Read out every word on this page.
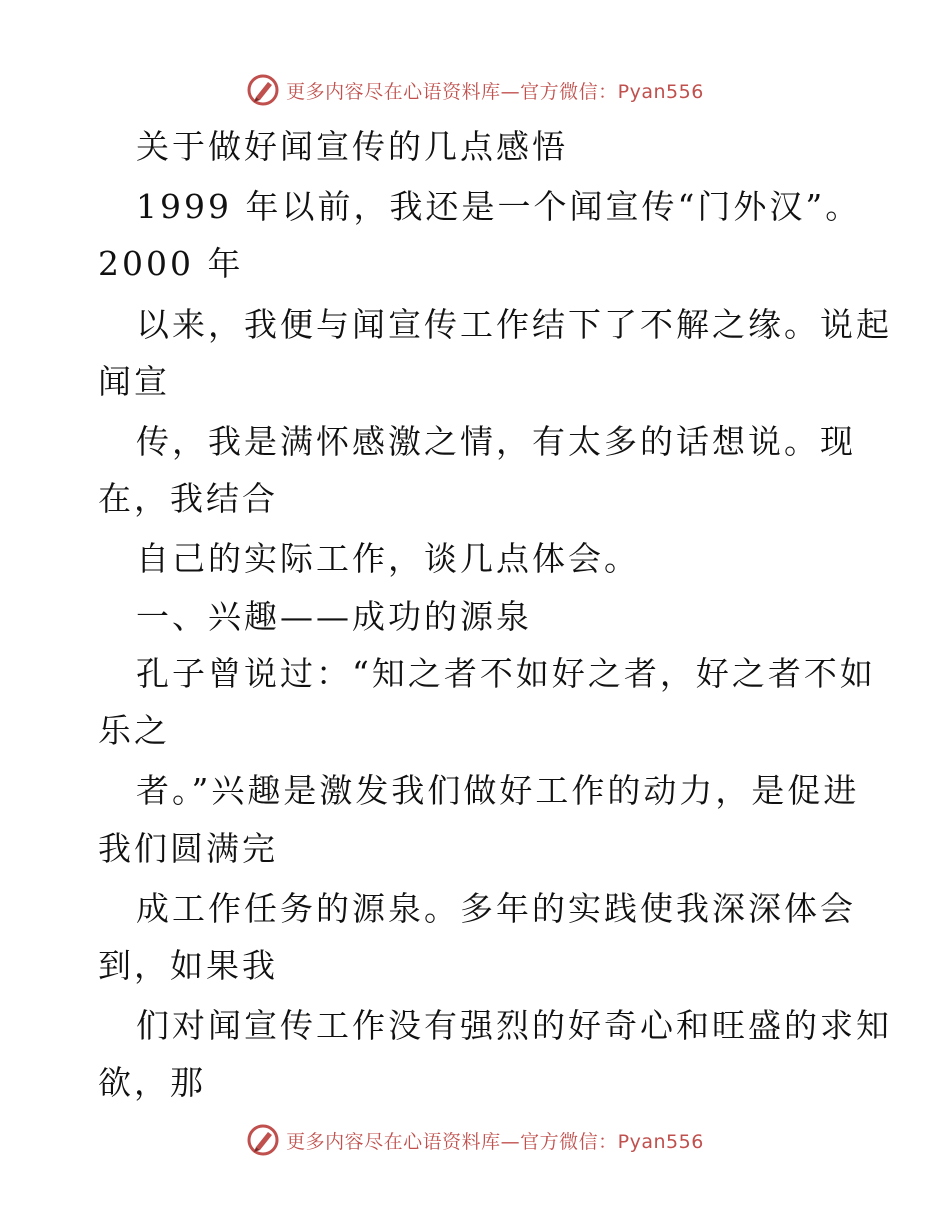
更多内容尽在心语资料库—官方微信：Pyan556
关于做好闻宣传的几点感悟
1999 年以前，我还是一个闻宣传“门外汉”。
2000 年
以来，我便与闻宣传工作结下了不解之缘。说起
闻宣
传，我是满怀感激之情，有太多的话想说。现
在，我结合
自己的实际工作，谈几点体会。
一、兴趣——成功的源泉
孔子曾说过：“知之者不如好之者，好之者不如
乐之
者。”兴趣是激发我们做好工作的动力，是促进
我们圆满完
成工作任务的源泉。多年的实践使我深深体会
到，如果我
们对闻宣传工作没有强烈的好奇心和旺盛的求知
欲，那
更多内容尽在心语资料库—官方微信：Pyan556
